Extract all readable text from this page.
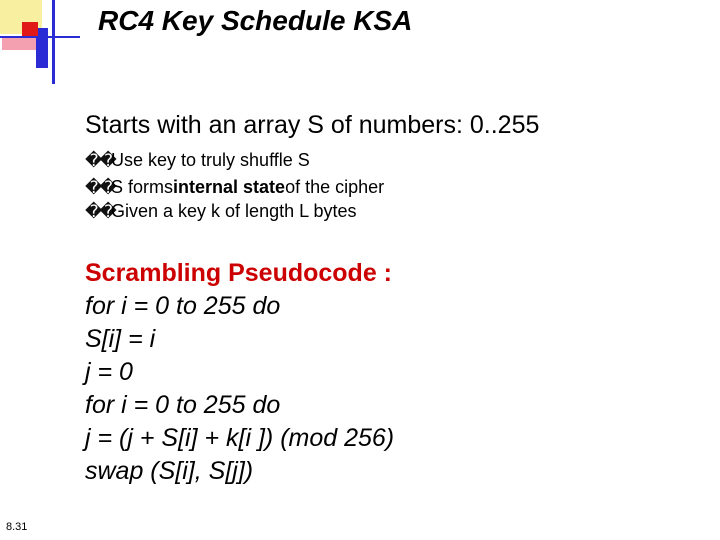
RC4 Key Schedule KSA
Starts with an array S of numbers: 0..255
��
Use key to truly shuffle S
��
S forms internal state of the cipher
��
Given a key k of length L bytes
Scrambling Pseudocode :
for i = 0 to 255 do
S[i] = i
j = 0
for i = 0 to 255 do
j = (j + S[i] + k[i ]) (mod 256)
swap (S[i], S[j])
8.31
